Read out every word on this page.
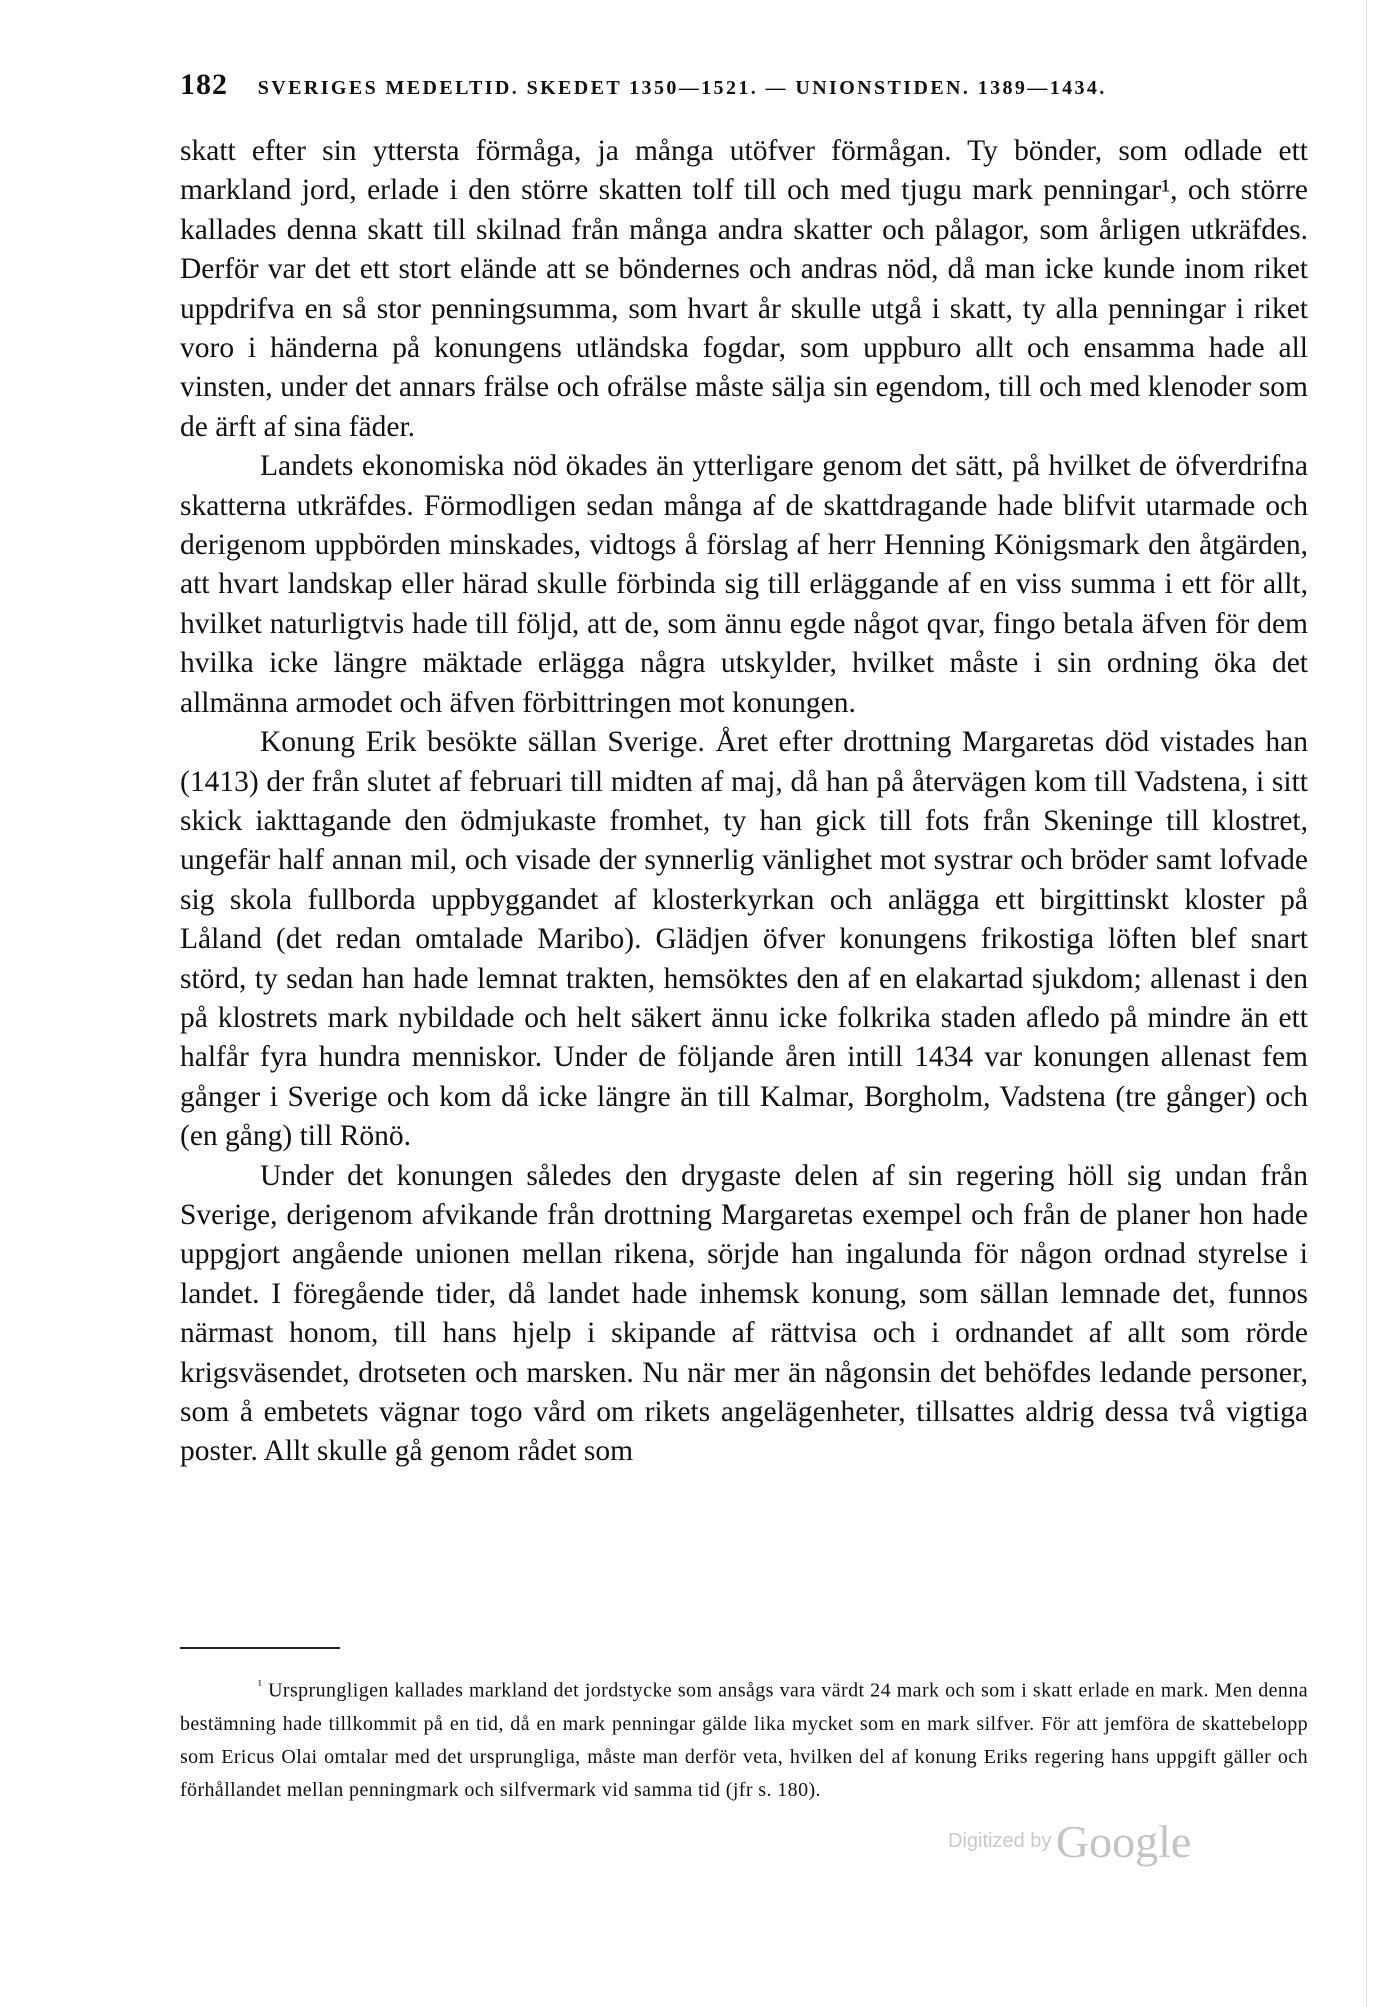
182 SVERIGES MEDELTID. SKEDET 1350—1521. — UNIONSTIDEN. 1389—1434.

skatt efter sin yttersta förmåga, ja många utöfver förmågan. Ty bönder, som odlade ett markland jord, erlade i den större skatten tolf till och med tjugu mark penningar¹, och större kallades denna skatt till skilnad från många andra skatter och pålagor, som årligen utkräfdes. Derför var det ett stort elände att se böndernes och andras nöd, då man icke kunde inom riket uppdrifva en så stor penningsumma, som hvart år skulle utgå i skatt, ty alla penningar i riket voro i händerna på konungens utländska fogdar, som uppburo allt och ensamma hade all vinsten, under det annars frälse och ofrälse måste sälja sin egendom, till och med klenoder som de ärft af sina fäder.

Landets ekonomiska nöd ökades än ytterligare genom det sätt, på hvilket de öfverdrifna skatterna utkräfdes. Förmodligen sedan många af de skattdragande hade blifvit utarmade och derigenom uppbörden minskades, vidtogs å förslag af herr Henning Königsmark den åtgärden, att hvart landskap eller härad skulle förbinda sig till erläggande af en viss summa i ett för allt, hvilket naturligtvis hade till följd, att de, som ännu egde något qvar, fingo betala äfven för dem hvilka icke längre mäktade erlägga några utskylder, hvilket måste i sin ordning öka det allmänna armodet och äfven förbittringen mot konungen.

Konung Erik besökte sällan Sverige. Året efter drottning Margaretas död vistades han (1413) der från slutet af februari till midten af maj, då han på återvägen kom till Vadstena, i sitt skick iakttagande den ödmjukaste fromhet, ty han gick till fots från Skeninge till klostret, ungefär half annan mil, och visade der synnerlig vänlighet mot systrar och bröder samt lofvade sig skola fullborda uppbyggandet af klosterkyrkan och anlägga ett birgittinskt kloster på Låland (det redan omtalade Maribo). Glädjen öfver konungens frikostiga löften blef snart störd, ty sedan han hade lemnat trakten, hemsöktes den af en elakartad sjukdom; allenast i den på klostrets mark nybildade och helt säkert ännu icke folkrika staden afledo på mindre än ett halfår fyra hundra menniskor. Under de följande åren intill 1434 var konungen allenast fem gånger i Sverige och kom då icke längre än till Kalmar, Borgholm, Vadstena (tre gånger) och (en gång) till Rönö.

Under det konungen således den drygaste delen af sin regering höll sig undan från Sverige, derigenom afvikande från drottning Margaretas exempel och från de planer hon hade uppgjort angående unionen mellan rikena, sörjde han ingalunda för någon ordnad styrelse i landet. I föregående tider, då landet hade inhemsk konung, som sällan lemnade det, funnos närmast honom, till hans hjelp i skipande af rättvisa och i ordnandet af allt som rörde krigsväsendet, drotseten och marsken. Nu när mer än någonsin det behöfdes ledande personer, som å embetets vägnar togo vård om rikets angelägenheter, tillsattes aldrig dessa två vigtiga poster. Allt skulle gå genom rådet som

$^{^1}$ Ursprungligen kallades markland det jordstycke som ansågs vara värdt 24 mark och som i skatt erlade en mark. Men denna bestämning hade tillkommit på en tid, då en mark penningar gälde lika mycket som en mark silfver. För att jemföra de skattebelopp som Ericus Olai omtalar med det ursprungliga, måste man derför veta, hvilken del af konung Eriks regering hans uppgift gäller och förhållandet mellan penningmark och silfvermark vid samma tid (jfr s. 180).

Digitized by Google
